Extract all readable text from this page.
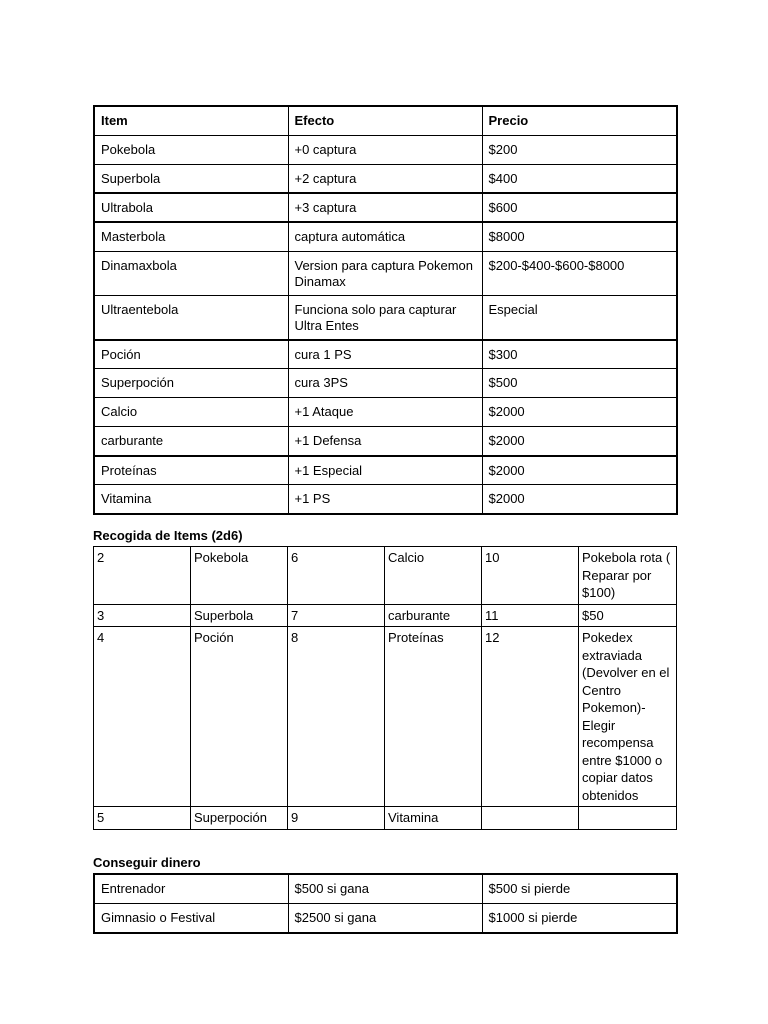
Item	Efecto	Precio
Pokebola	+0 captura	$200
Superbola	+2 captura	$400
Ultrabola	+3 captura	$600
Masterbola	captura automática	$8000
Dinamaxbola	Version para captura Pokemon Dinamax	$200-$400-$600-$8000
Ultraentebola	Funciona solo para capturar Ultra Entes	Especial
Poción	cura 1 PS	$300
Superpoción	cura 3PS	$500
Calcio	+1 Ataque	$2000
carburante	+1 Defensa	$2000
Proteínas	+1 Especial	$2000
Vitamina	+1 PS	$2000
Recogida de Items (2d6)
2	Pokebola	6	Calcio	10	Pokebola rota ( Reparar por $100)
3	Superbola	7	carburante	11	$50
4	Poción	8	Proteínas	12	Pokedex extraviada (Devolver en el Centro Pokemon)- Elegir recompensa entre $1000 o copiar datos obtenidos
5	Superpoción	9	Vitamina		
Conseguir dinero
Entrenador	$500 si gana	$500 si pierde
Gimnasio o Festival	$2500 si gana	$1000 si pierde
